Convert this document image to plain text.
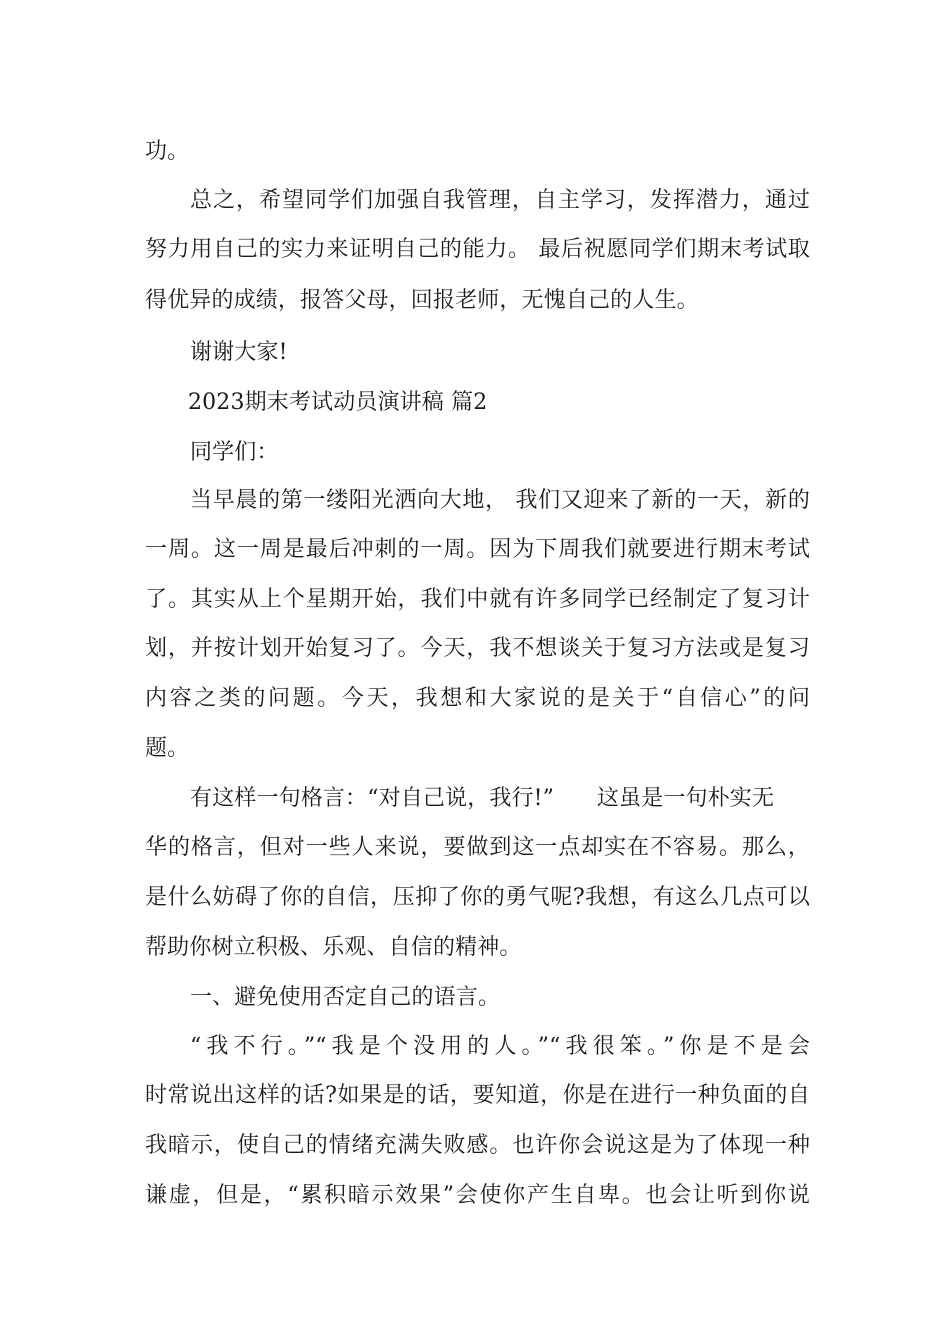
功。
总之，希望同学们加强自我管理，自主学习，发挥潜力，通过
努力用自己的实力来证明自己的能力。 最后祝愿同学们期末考试取
得优异的成绩，报答父母，回报老师，无愧自己的人生。
谢谢大家!
2023期末考试动员演讲稿 篇2
同学们：
当早晨的第一缕阳光洒向大地， 我们又迎来了新的一天，新的
一周。这一周是最后冲刺的一周。因为下周我们就要进行期末考试
了。其实从上个星期开始，我们中就有许多同学已经制定了复习计
划，并按计划开始复习了。今天，我不想谈关于复习方法或是复习
内容之类的问题。今天，我想和大家说的是关于“自信心”的问
题。
有这样一句格言：“对自己说，我行!”      这虽是一句朴实无
华的格言，但对一些人来说，要做到这一点却实在不容易。那么，
是什么妨碍了你的自信，压抑了你的勇气呢?我想，有这么几点可以
帮助你树立积极、乐观、自信的精神。
一、避免使用否定自己的语言。
“我不行。”“我是个没用的人。”“我很笨。”你是不是会
时常说出这样的话?如果是的话，要知道，你是在进行一种负面的自
我暗示，使自己的情绪充满失败感。也许你会说这是为了体现一种
谦虚，但是，“累积暗示效果”会使你产生自卑。也会让听到你说
